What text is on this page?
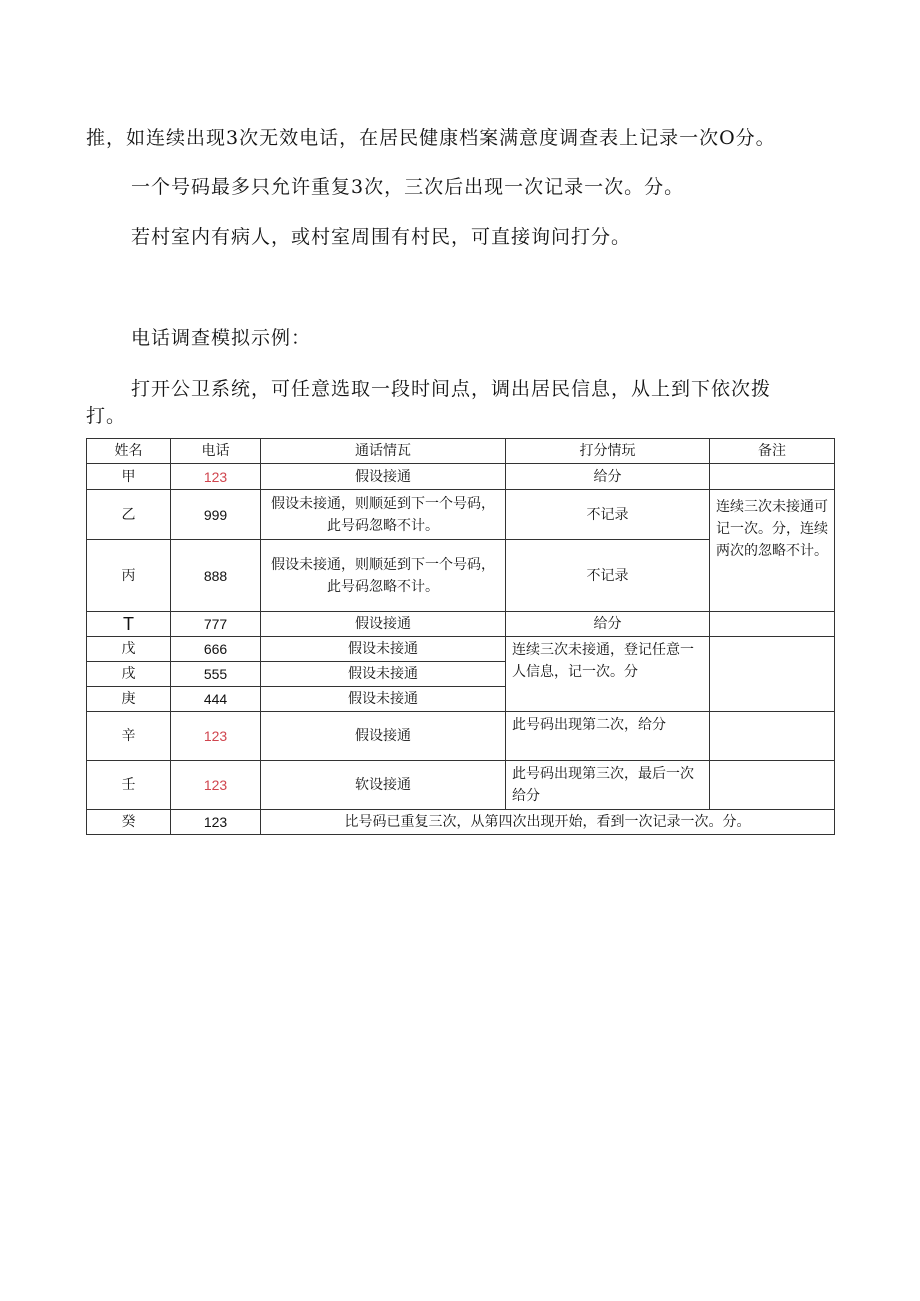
推，如连续出现3次无效电话，在居民健康档案满意度调查表上记录一次O分。
一个号码最多只允许重复3次，三次后出现一次记录一次。分。
若村室内有病人，或村室周围有村民，可直接询问打分。
电话调查模拟示例：
打开公卫系统，可任意选取一段时间点，调出居民信息，从上到下依次拨
打。
姓名	电话	通话情瓦	打分情玩	备注
甲	123	假设接通	给分	
乙	999	假设未接通，则顺延到下一个号码，此号码忽略不计。	不记录	连续三次未接通可记一次。分，连续两次的忽略不计。
丙	888	假设未接通，则顺延到下一个号码，此号码忽略不计。	不记录	
T	777	假设接通	给分	
戊	666	假设未接通	连续三次未接通，登记任意一人信息，记一次。分	
戌	555	假设未接通		
庚	444	假设未接通		
辛	123	假设接通	此号码出现第二次，给分	
壬	123	软设接通	此号码出现第三次，最后一次给分	
癸	123	比号码已重复三次，从第四次出现开始，看到一次记录一次。分。		
